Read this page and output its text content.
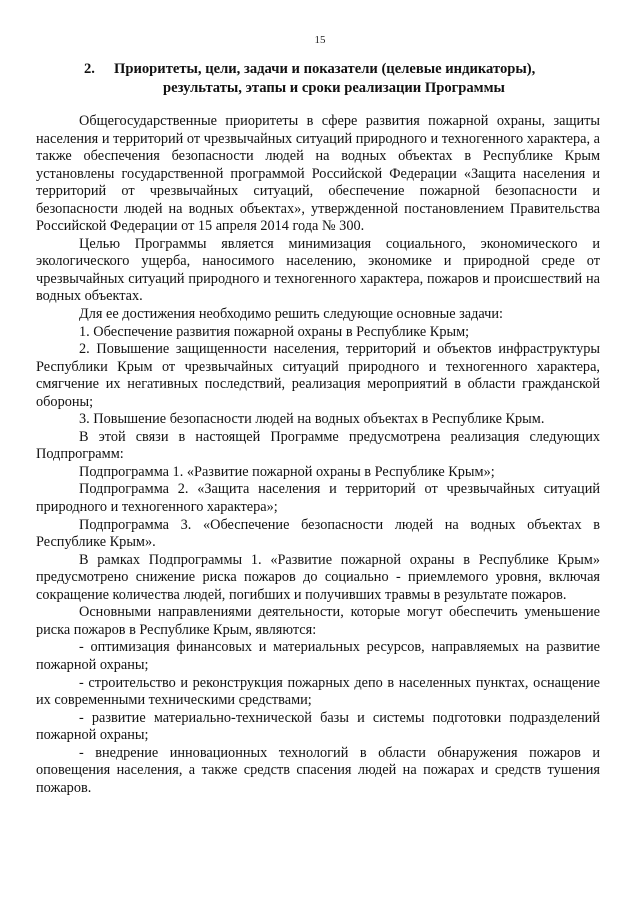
15
2. Приоритеты, цели, задачи и показатели (целевые индикаторы),
результаты, этапы и сроки реализации Программы

Общегосударственные приоритеты в сфере развития пожарной охраны, защиты населения и территорий от чрезвычайных ситуаций природного и техногенного характера, а также обеспечения безопасности людей на водных объектах в Республике Крым установлены государственной программой Российской Федерации «Защита населения и территорий от чрезвычайных ситуаций, обеспечение пожарной безопасности и безопасности людей на водных объектах», утвержденной постановлением Правительства Российской Федерации от 15 апреля 2014 года № 300.

Целью Программы является минимизация социального, экономического и экологического ущерба, наносимого населению, экономике и природной среде от чрезвычайных ситуаций природного и техногенного характера, пожаров и происшествий на водных объектах.

Для ее достижения необходимо решить следующие основные задачи:

1. Обеспечение развития пожарной охраны в Республике Крым;

2. Повышение защищенности населения, территорий и объектов инфраструктуры Республики Крым от чрезвычайных ситуаций природного и техногенного характера, смягчение их негативных последствий, реализация мероприятий в области гражданской обороны;

3. Повышение безопасности людей на водных объектах в Республике Крым.

В этой связи в настоящей Программе предусмотрена реализация следующих Подпрограмм:

Подпрограмма 1. «Развитие пожарной охраны в Республике Крым»;

Подпрограмма 2. «Защита населения и территорий от чрезвычайных ситуаций природного и техногенного характера»;

Подпрограмма 3. «Обеспечение безопасности людей на водных объектах в Республике Крым».

В рамках Подпрограммы 1. «Развитие пожарной охраны в Республике Крым» предусмотрено снижение риска пожаров до социально - приемлемого уровня, включая сокращение количества людей, погибших и получивших травмы в результате пожаров.

Основными направлениями деятельности, которые могут обеспечить уменьшение риска пожаров в Республике Крым, являются:

- оптимизация финансовых и материальных ресурсов, направляемых на развитие пожарной охраны;

- строительство и реконструкция пожарных депо в населенных пунктах, оснащение их современными техническими средствами;

- развитие материально-технической базы и системы подготовки подразделений пожарной охраны;

- внедрение инновационных технологий в области обнаружения пожаров и оповещения населения, а также средств спасения людей на пожарах и средств тушения пожаров.
